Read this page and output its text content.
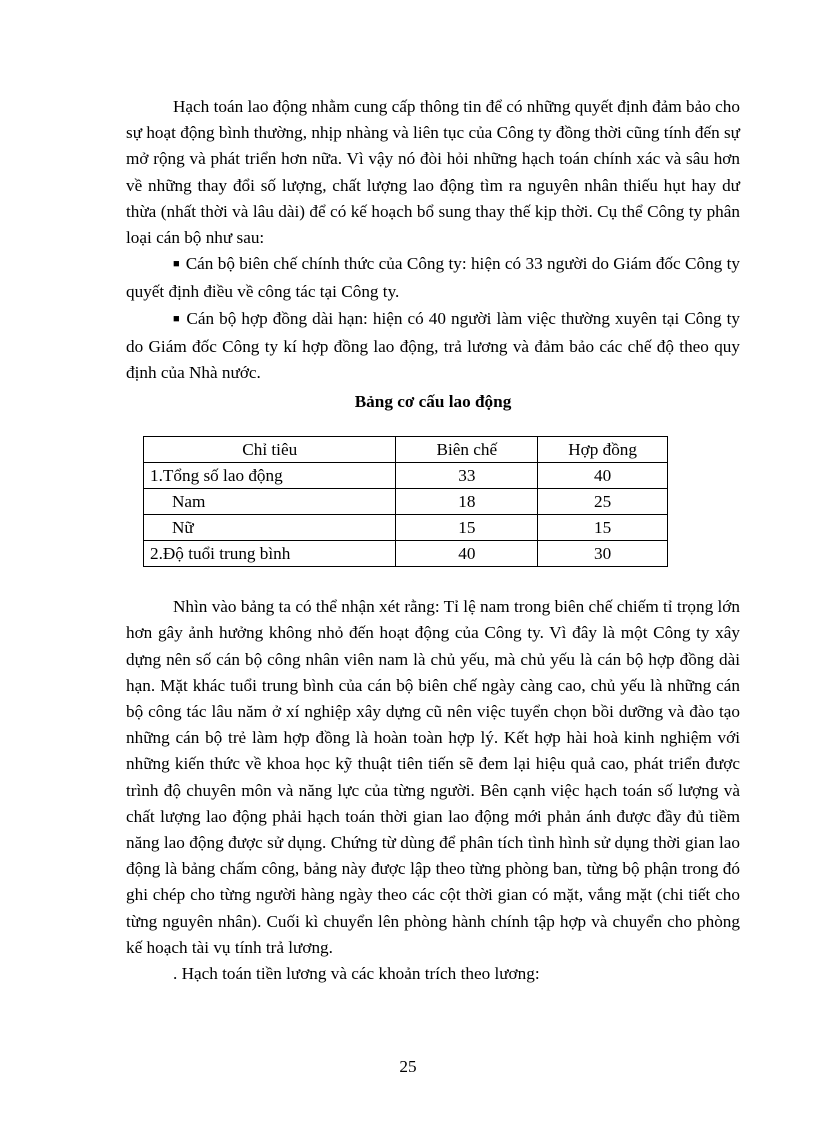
Hạch toán lao động nhằm cung cấp thông tin để có những quyết định đảm bảo cho sự hoạt động bình thường, nhịp nhàng và liên tục của Công ty đồng thời cũng tính đến sự mở rộng và phát triển hơn nữa. Vì vậy nó đòi hỏi những hạch toán chính xác và sâu hơn về những thay đổi số lượng, chất lượng lao động tìm ra nguyên nhân thiếu hụt hay dư thừa (nhất thời và lâu dài) để có kế hoạch bổ sung thay thế kịp thời. Cụ thể Công ty phân loại cán bộ như sau:

■ Cán bộ biên chế chính thức của Công ty: hiện có 33 người do Giám đốc Công ty quyết định điều về công tác tại Công ty.

■ Cán bộ hợp đồng dài hạn: hiện có 40 người làm việc thường xuyên tại Công ty do Giám đốc Công ty kí hợp đồng lao động, trả lương và đảm bảo các chế độ theo quy định của Nhà nước.

Bảng cơ cấu lao động
Chỉ tiêu	Biên chế	Hợp đồng
1.Tổng số lao động	33	40
Nam	18	25
Nữ	15	15
2.Độ tuổi trung bình	40	30

Nhìn vào bảng ta có thể nhận xét rằng: Tỉ lệ nam trong biên chế chiếm tỉ trọng lớn hơn gây ảnh hưởng không nhỏ đến hoạt động của Công ty. Vì đây là một Công ty xây dựng nên số cán bộ công nhân viên nam là chủ yếu, mà chủ yếu là cán bộ hợp đồng dài hạn. Mặt khác tuổi trung bình của cán bộ biên chế ngày càng cao, chủ yếu là những cán bộ công tác lâu năm ở xí nghiệp xây dựng cũ nên việc tuyển chọn bồi dưỡng và đào tạo những cán bộ trẻ làm hợp đồng là hoàn toàn hợp lý. Kết hợp hài hoà kinh nghiệm với những kiến thức về khoa học kỹ thuật tiên tiến sẽ đem lại hiệu quả cao, phát triển được trình độ chuyên môn và năng lực của từng người. Bên cạnh việc hạch toán số lượng và chất lượng lao động phải hạch toán thời gian lao động mới phản ánh được đầy đủ tiềm năng lao động được sử dụng. Chứng từ dùng để phân tích tình hình sử dụng thời gian lao động là bảng chấm công, bảng này được lập theo từng phòng ban, từng bộ phận trong đó ghi chép cho từng người hàng ngày theo các cột thời gian có mặt, vắng mặt (chi tiết cho từng nguyên nhân). Cuối kì chuyển lên phòng hành chính tập hợp và chuyển cho phòng kế hoạch tài vụ tính trả lương.

. Hạch toán tiền lương và các khoản trích theo lương:

25
